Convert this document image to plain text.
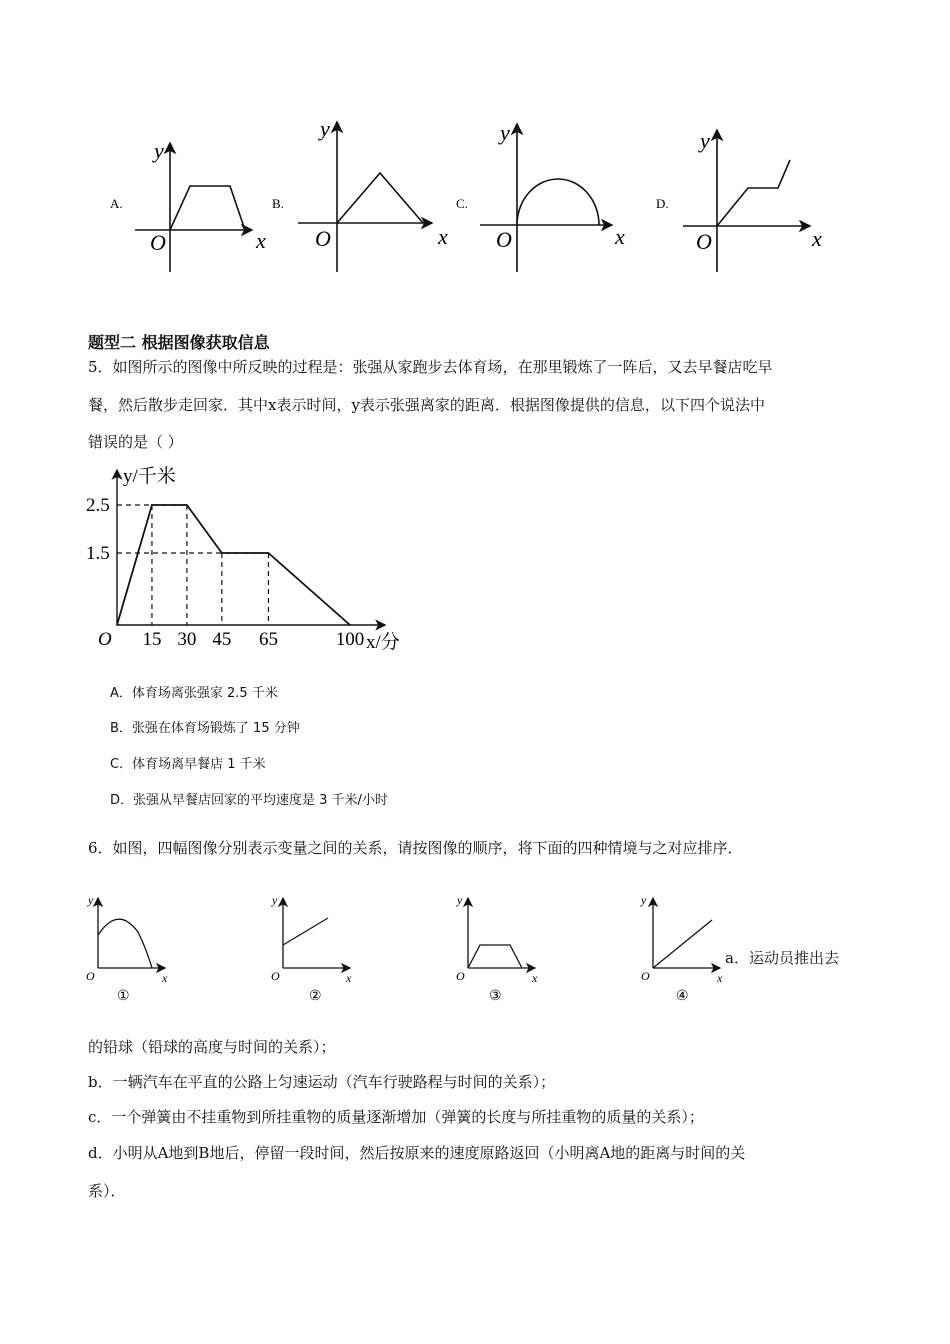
y
x
O
y
x
O
y
x
O
y
x
O
A.	B.	C.	D.
y/千米
x/分
O
2.5
1.5
15 30 45 65	100
y
x
O
y
x
O
y
x
O
y
x
O
①	②	③	④
题型二 根据图像获取信息
5．如图所示的图像中所反映的过程是：张强从家跑步去体育场，在那里锻炼了一阵后，又去早餐店吃早
餐，然后散步走回家．其中x表示时间，y表示张强离家的距离．根据图像提供的信息，以下四个说法中
错误的是（ ）
A．体育场离张强家 2.5 千米
B．张强在体育场锻炼了 15 分钟
C．体育场离早餐店 1 千米
D．张强从早餐店回家的平均速度是 3 千米/小时
6．如图，四幅图像分别表示变量之间的关系，请按图像的顺序，将下面的四种情境与之对应排序．
a．运动员推出去
的铅球（铅球的高度与时间的关系）；
b．一辆汽车在平直的公路上匀速运动（汽车行驶路程与时间的关系）；
c．一个弹簧由不挂重物到所挂重物的质量逐渐增加（弹簧的长度与所挂重物的质量的关系）；
d．小明从A地到B地后，停留一段时间，然后按原来的速度原路返回（小明离A地的距离与时间的关
系）．
